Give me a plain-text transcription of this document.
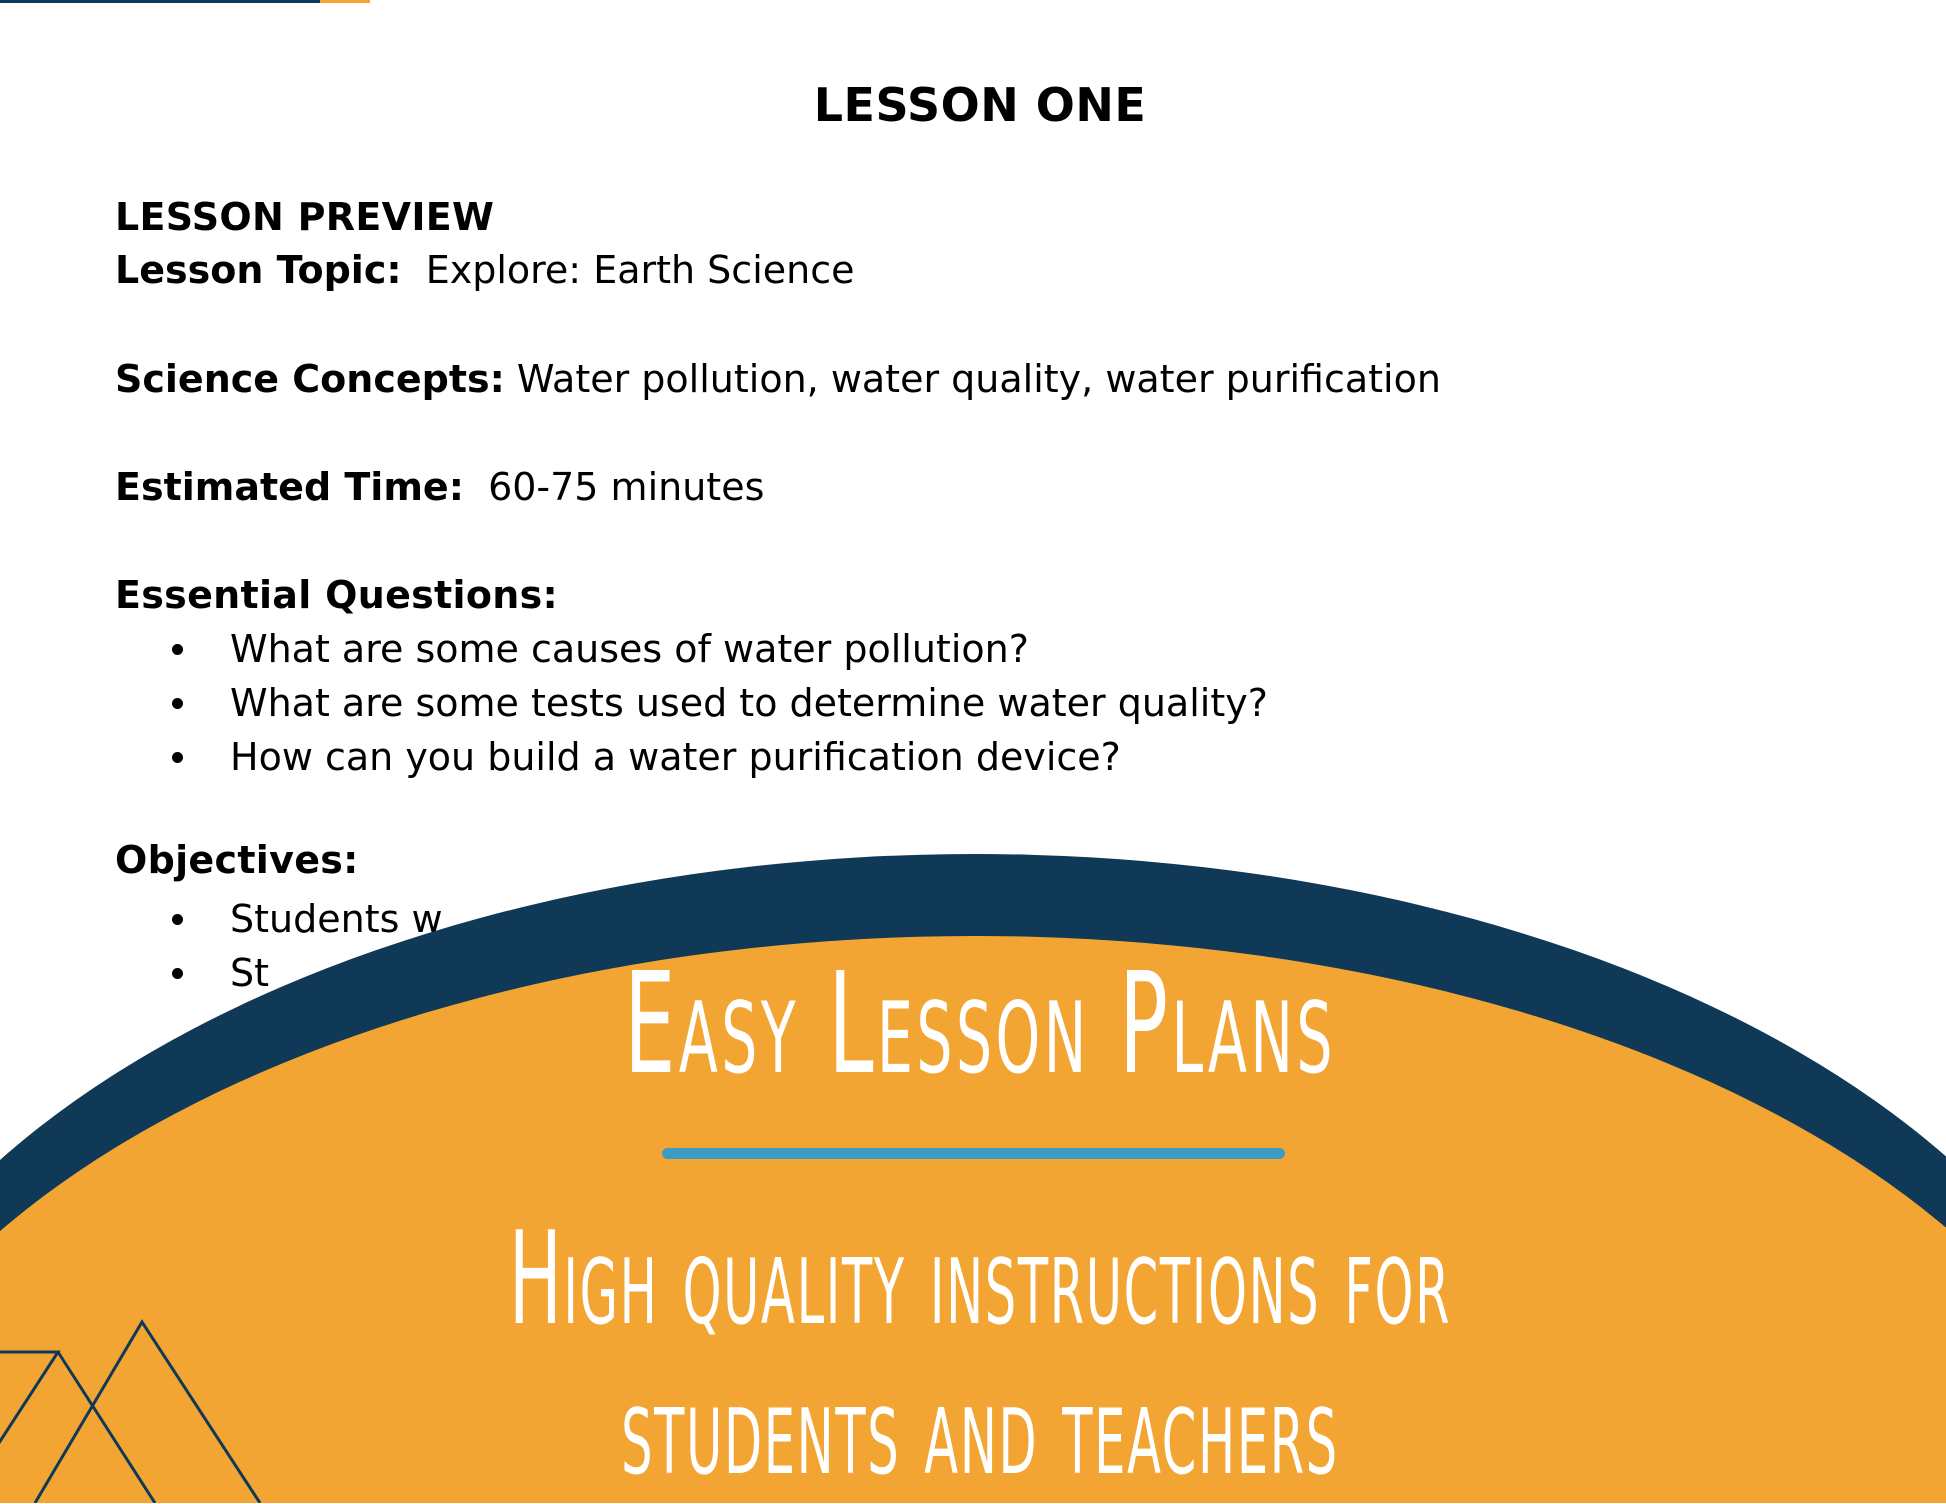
LESSON ONE
LESSON PREVIEW
Lesson Topic: Explore: Earth Science
Science Concepts: Water pollution, water quality, water purification
Estimated Time: 60-75 minutes
Essential Questions:
What are some causes of water pollution?
What are some tests used to determine water quality?
How can you build a water purification device?
Objectives:
Students w
St	Easy Lesson Plans
High quality instructions for
students and teachers
